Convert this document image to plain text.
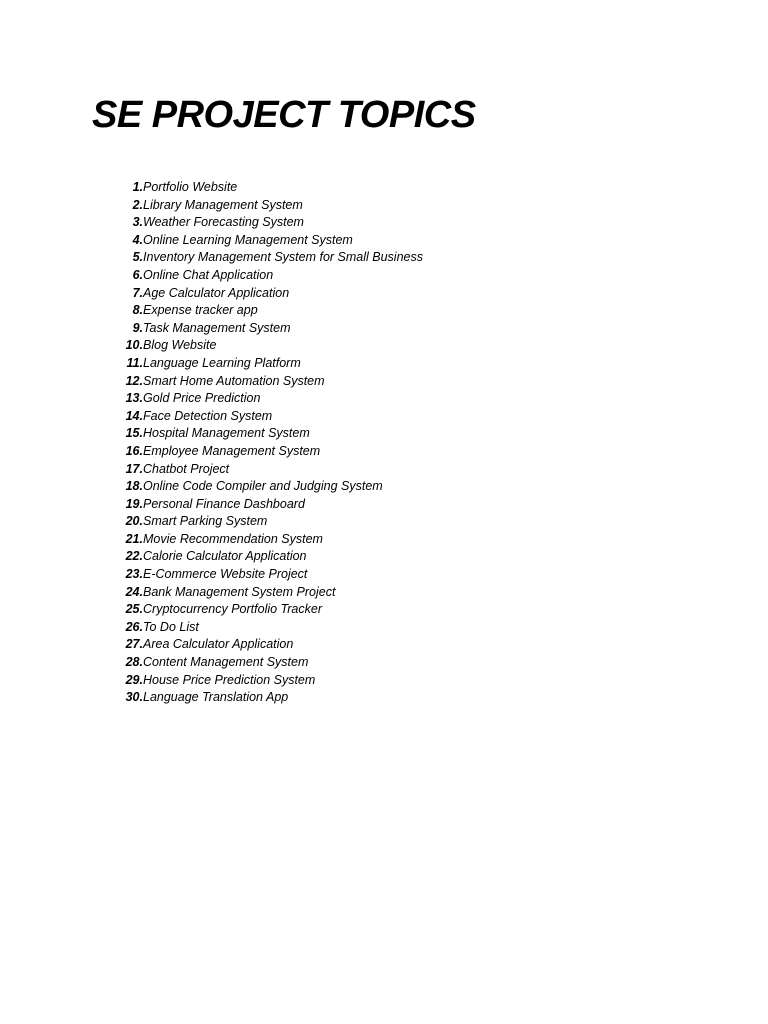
SE PROJECT TOPICS
1. Portfolio Website
2. Library Management System
3. Weather Forecasting System
4. Online Learning Management System
5. Inventory Management System for Small Business
6. Online Chat Application
7. Age Calculator Application
8. Expense tracker app
9. Task Management System
10. Blog Website
11. Language Learning Platform
12. Smart Home Automation System
13. Gold Price Prediction
14. Face Detection System
15. Hospital Management System
16. Employee Management System
17. Chatbot Project
18. Online Code Compiler and Judging System
19. Personal Finance Dashboard
20. Smart Parking System
21. Movie Recommendation System
22. Calorie Calculator Application
23. E-Commerce Website Project
24. Bank Management System Project
25. Cryptocurrency Portfolio Tracker
26. To Do List
27. Area Calculator Application
28. Content Management System
29. House Price Prediction System
30. Language Translation App
